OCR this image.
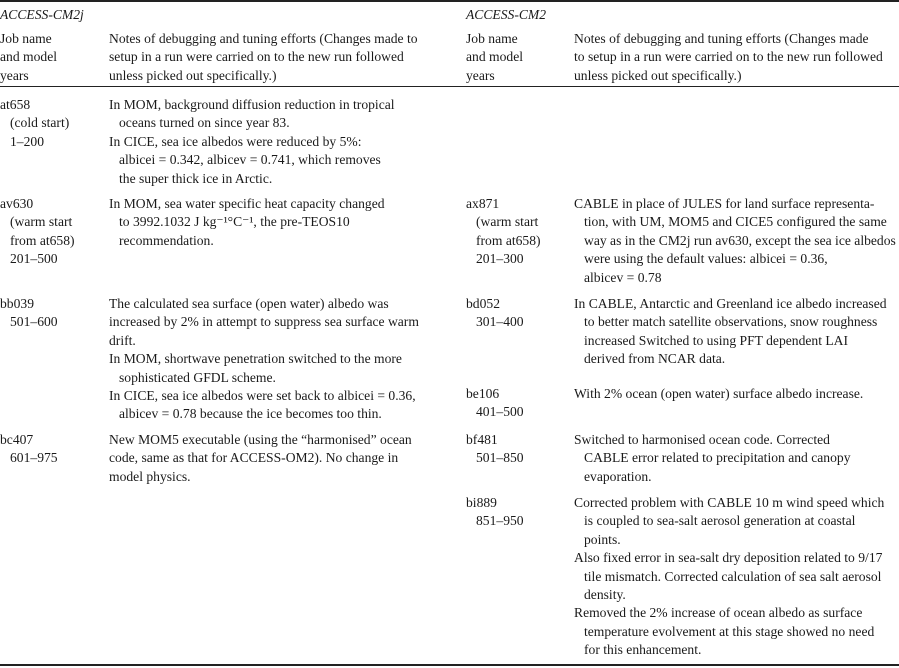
ACCESS-CM2j	ACCESS-CM2
Job name
and model
years
Notes of debugging and tuning efforts (Changes made to
setup in a run were carried on to the new run followed
unless picked out specifically.)
Job name
and model
years
Notes of debugging and tuning efforts (Changes made
to setup in a run were carried on to the new run followed
unless picked out specifically.)
at658
(cold start)
1–200
In MOM, background diffusion reduction in tropical
oceans turned on since year 83.
In CICE, sea ice albedos were reduced by 5%:
albicei = 0.342, albicev = 0.741, which removes
the super thick ice in Arctic.
av630
(warm start
from at658)
201–500
In MOM, sea water specific heat capacity changed
to 3992.1032 J kg⁻¹°C⁻¹, the pre-TEOS10
recommendation.
bb039
501–600
The calculated sea surface (open water) albedo was
increased by 2% in attempt to suppress sea surface warm
drift.
In MOM, shortwave penetration switched to the more
sophisticated GFDL scheme.
In CICE, sea ice albedos were set back to albicei = 0.36,
albicev = 0.78 because the ice becomes too thin.
bc407
601–975
New MOM5 executable (using the “harmonised” ocean
code, same as that for ACCESS-OM2). No change in
model physics.
ax871
(warm start
from at658)
201–300
CABLE in place of JULES for land surface representa-
tion, with UM, MOM5 and CICE5 configured the same
way as in the CM2j run av630, except the sea ice albedos
were using the default values: albicei = 0.36,
albicev = 0.78
bd052
301–400
In CABLE, Antarctic and Greenland ice albedo increased
to better match satellite observations, snow roughness
increased Switched to using PFT dependent LAI
derived from NCAR data.
be106
401–500
With 2% ocean (open water) surface albedo increase.
bf481
501–850
Switched to harmonised ocean code. Corrected
CABLE error related to precipitation and canopy
evaporation.
bi889
851–950
Corrected problem with CABLE 10 m wind speed which
is coupled to sea-salt aerosol generation at coastal
points.
Also fixed error in sea-salt dry deposition related to 9/17
tile mismatch. Corrected calculation of sea salt aerosol
density.
Removed the 2% increase of ocean albedo as surface
temperature evolvement at this stage showed no need
for this enhancement.
